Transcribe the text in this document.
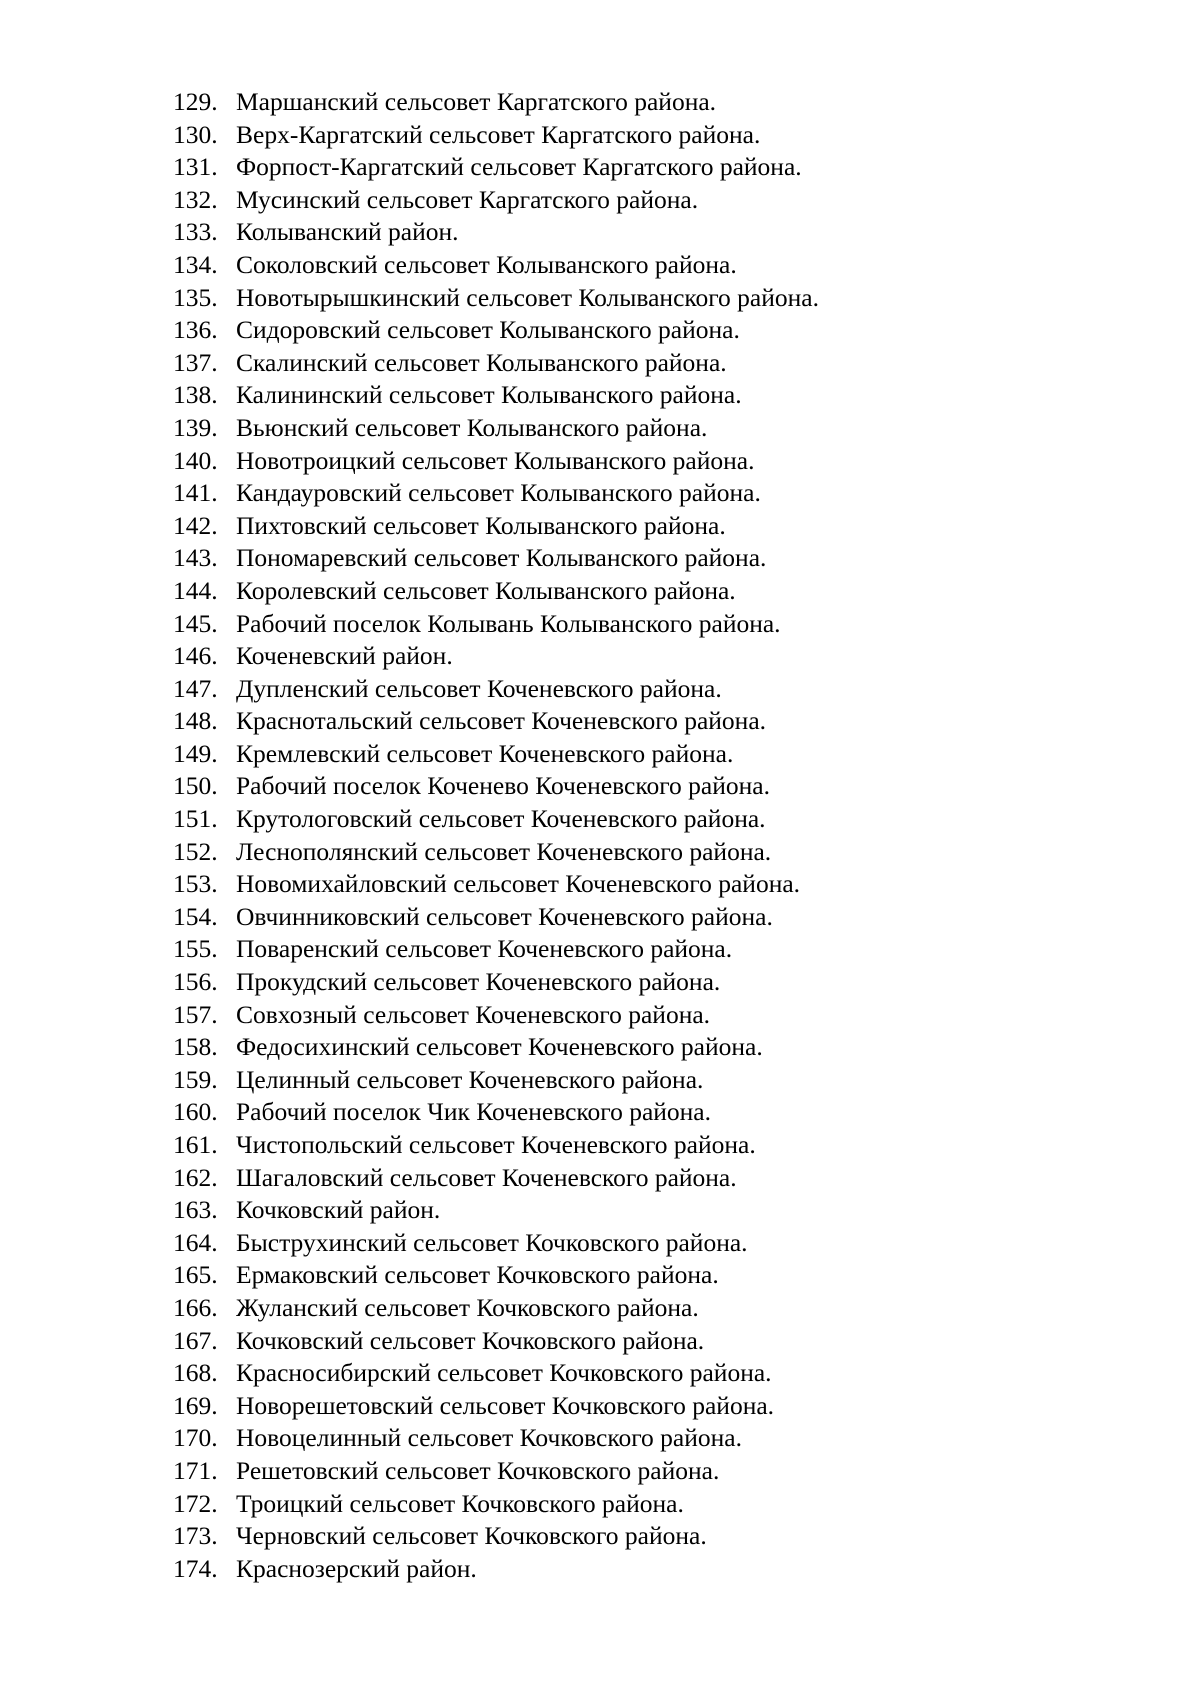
129. Маршанский сельсовет Каргатского района.
130. Верх-Каргатский сельсовет Каргатского района.
131. Форпост-Каргатский сельсовет Каргатского района.
132. Мусинский сельсовет Каргатского района.
133. Колыванский район.
134. Соколовский сельсовет Колыванского района.
135. Новотырышкинский сельсовет Колыванского района.
136. Сидоровский сельсовет Колыванского района.
137. Скалинский сельсовет Колыванского района.
138. Калининский сельсовет Колыванского района.
139. Вьюнский сельсовет Колыванского района.
140. Новотроицкий сельсовет Колыванского района.
141. Кандауровский сельсовет Колыванского района.
142. Пихтовский сельсовет Колыванского района.
143. Пономаревский сельсовет Колыванского района.
144. Королевский сельсовет Колыванского района.
145. Рабочий поселок Колывань Колыванского района.
146. Коченевский район.
147. Дупленский сельсовет Коченевского района.
148. Краснотальский сельсовет Коченевского района.
149. Кремлевский сельсовет Коченевского района.
150. Рабочий поселок Коченево Коченевского района.
151. Крутологовский сельсовет Коченевского района.
152. Леснополянский сельсовет Коченевского района.
153. Новомихайловский сельсовет Коченевского района.
154. Овчинниковский сельсовет Коченевского района.
155. Поваренский сельсовет Коченевского района.
156. Прокудский сельсовет Коченевского района.
157. Совхозный сельсовет Коченевского района.
158. Федосихинский сельсовет Коченевского района.
159. Целинный сельсовет Коченевского района.
160. Рабочий поселок Чик Коченевского района.
161. Чистопольский сельсовет Коченевского района.
162. Шагаловский сельсовет Коченевского района.
163. Кочковский район.
164. Быструхинский сельсовет Кочковского района.
165. Ермаковский сельсовет Кочковского района.
166. Жуланский сельсовет Кочковского района.
167. Кочковский сельсовет Кочковского района.
168. Красносибирский сельсовет Кочковского района.
169. Новорешетовский сельсовет Кочковского района.
170. Новоцелинный сельсовет Кочковского района.
171. Решетовский сельсовет Кочковского района.
172. Троицкий сельсовет Кочковского района.
173. Черновский сельсовет Кочковского района.
174. Краснозерский район.
